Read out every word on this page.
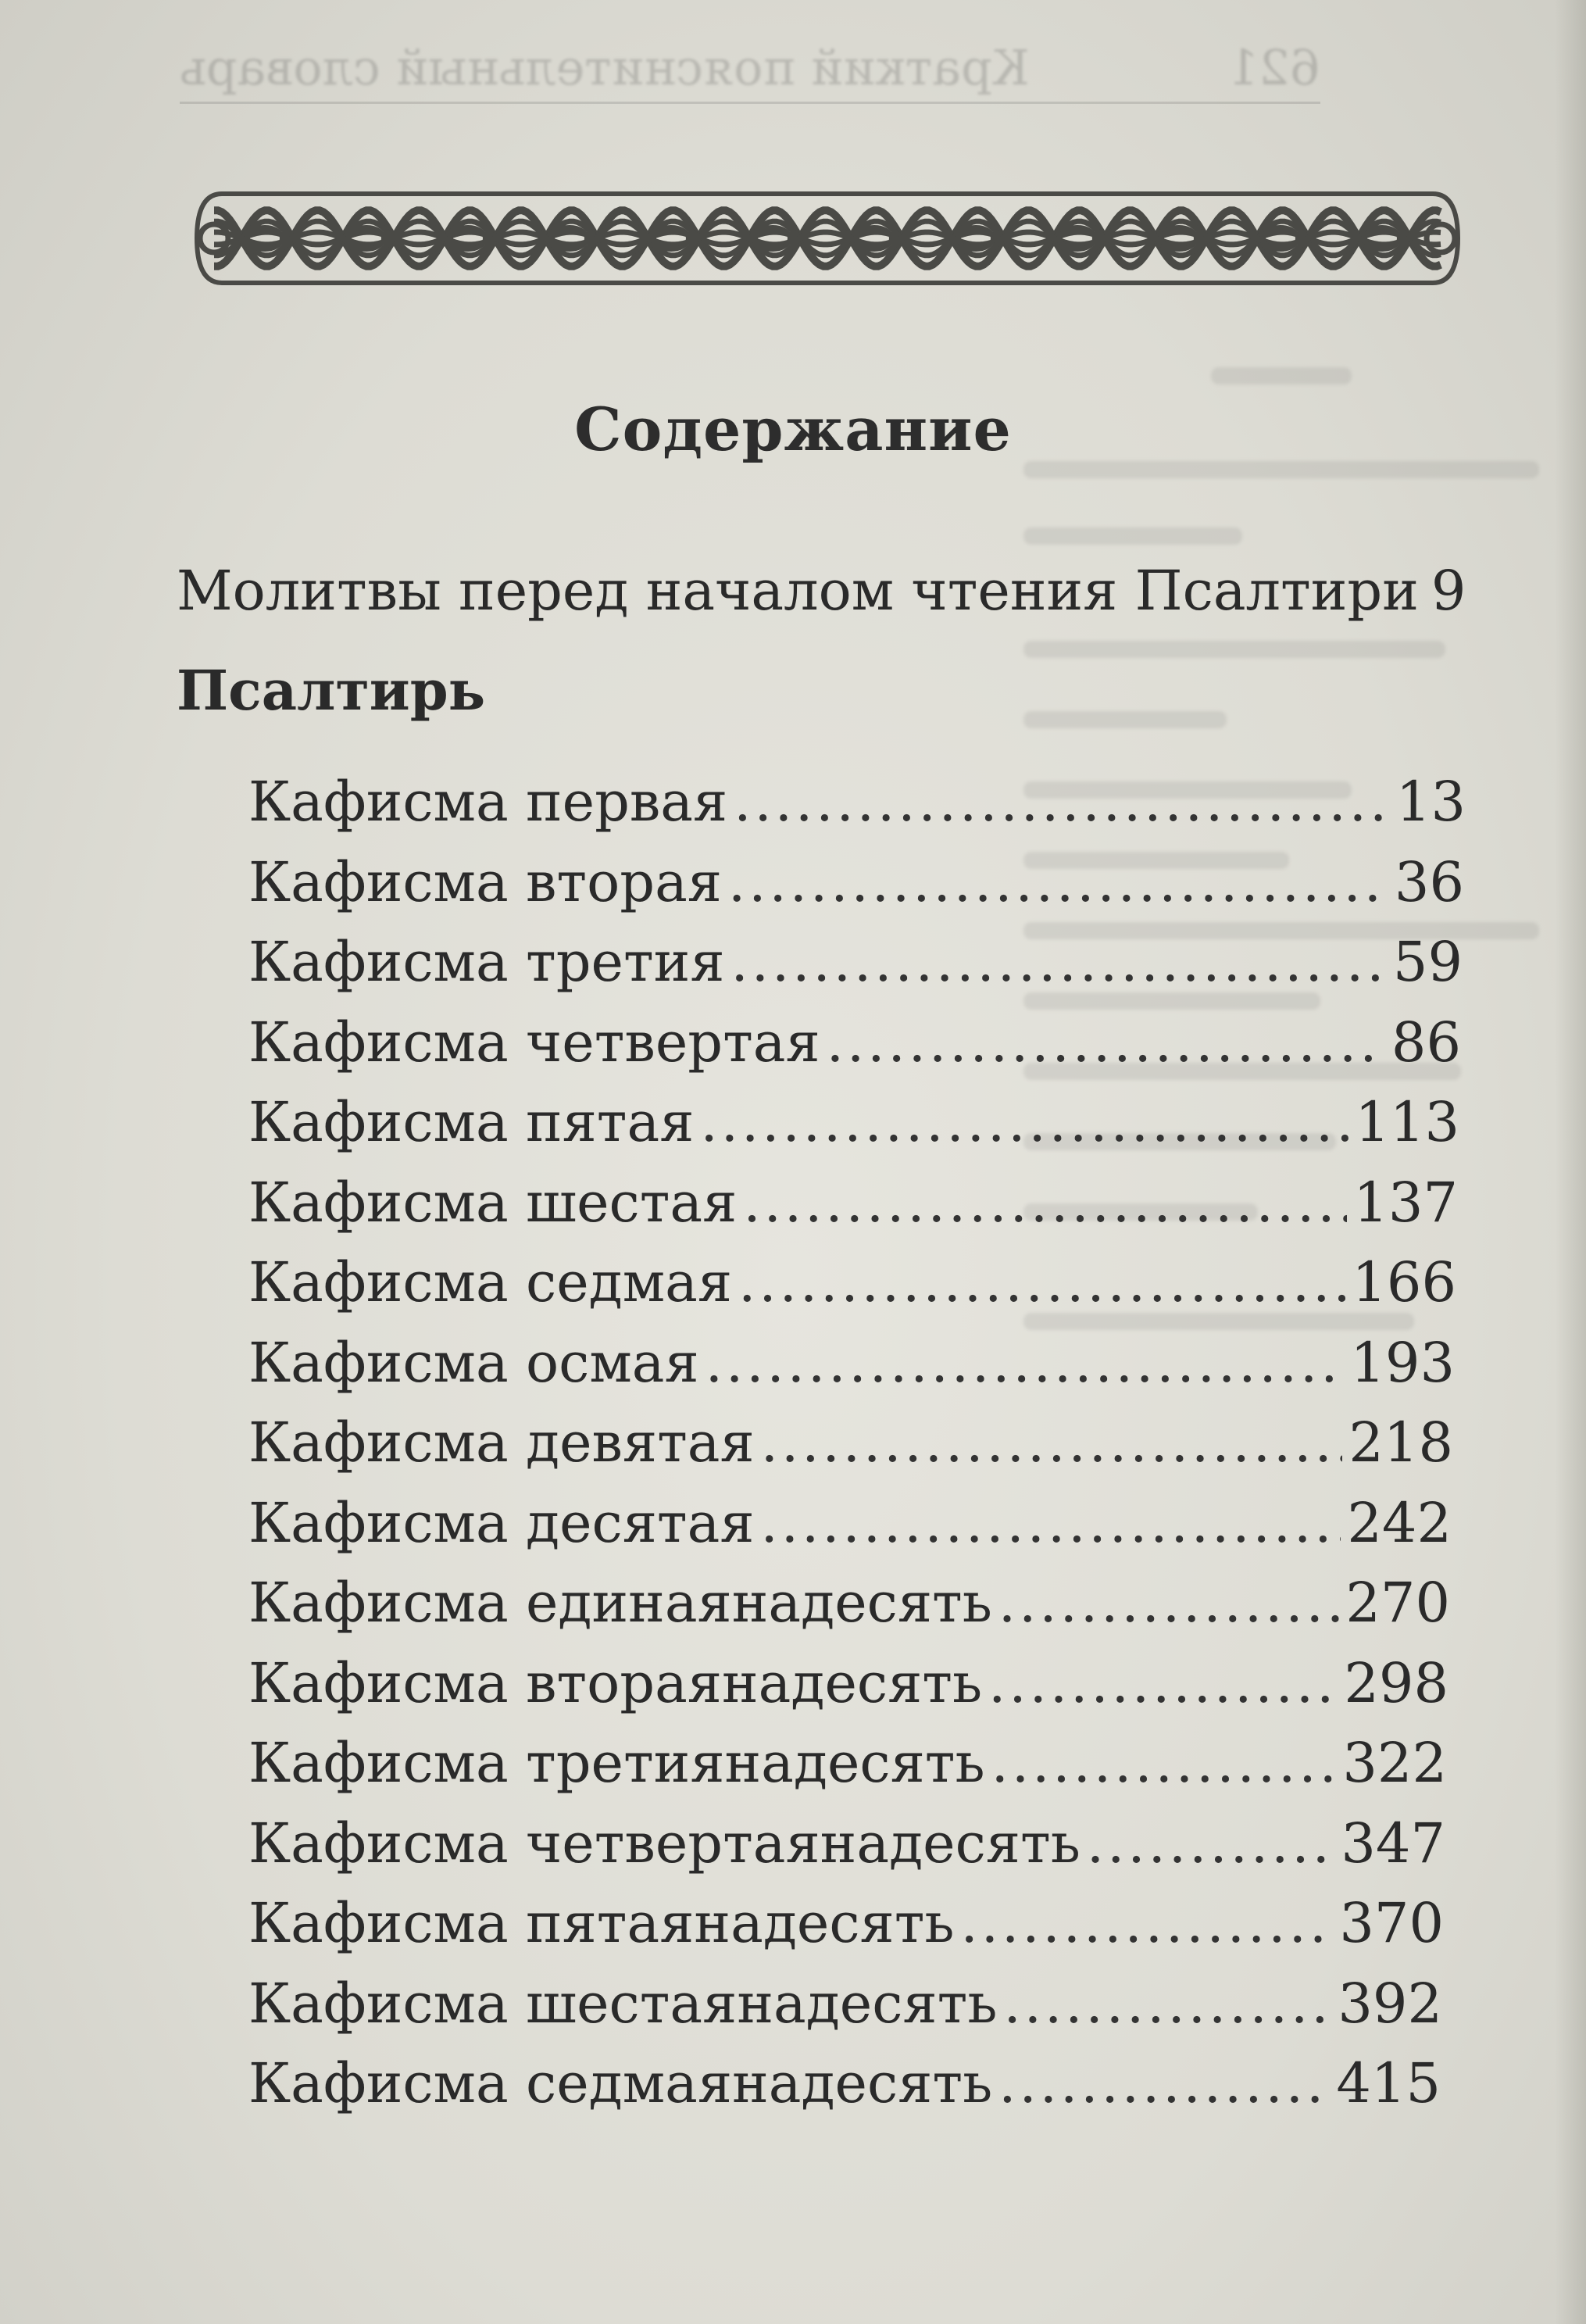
621
Краткий пояснительный словарь
Содержание
Молитвы перед началом чтения Псалтири 9
Псалтирь
Кафисма первая .....	13
Кафисма вторая .....	36
Кафисма третия .....	59
Кафисма четвертая .....	86
Кафисма пятая .....	113
Кафисма шестая .....	137
Кафисма седмая .....	166
Кафисма осмая .....	193
Кафисма девятая .....	218
Кафисма десятая .....	242
Кафисма единаянадесять .....	270
Кафисма втораянадесять .....	298
Кафисма третиянадесять .....	322
Кафисма четвертаянадесять .....	347
Кафисма пятаянадесять .....	370
Кафисма шестаянадесять .....	392
Кафисма седмаянадесять .....	415
